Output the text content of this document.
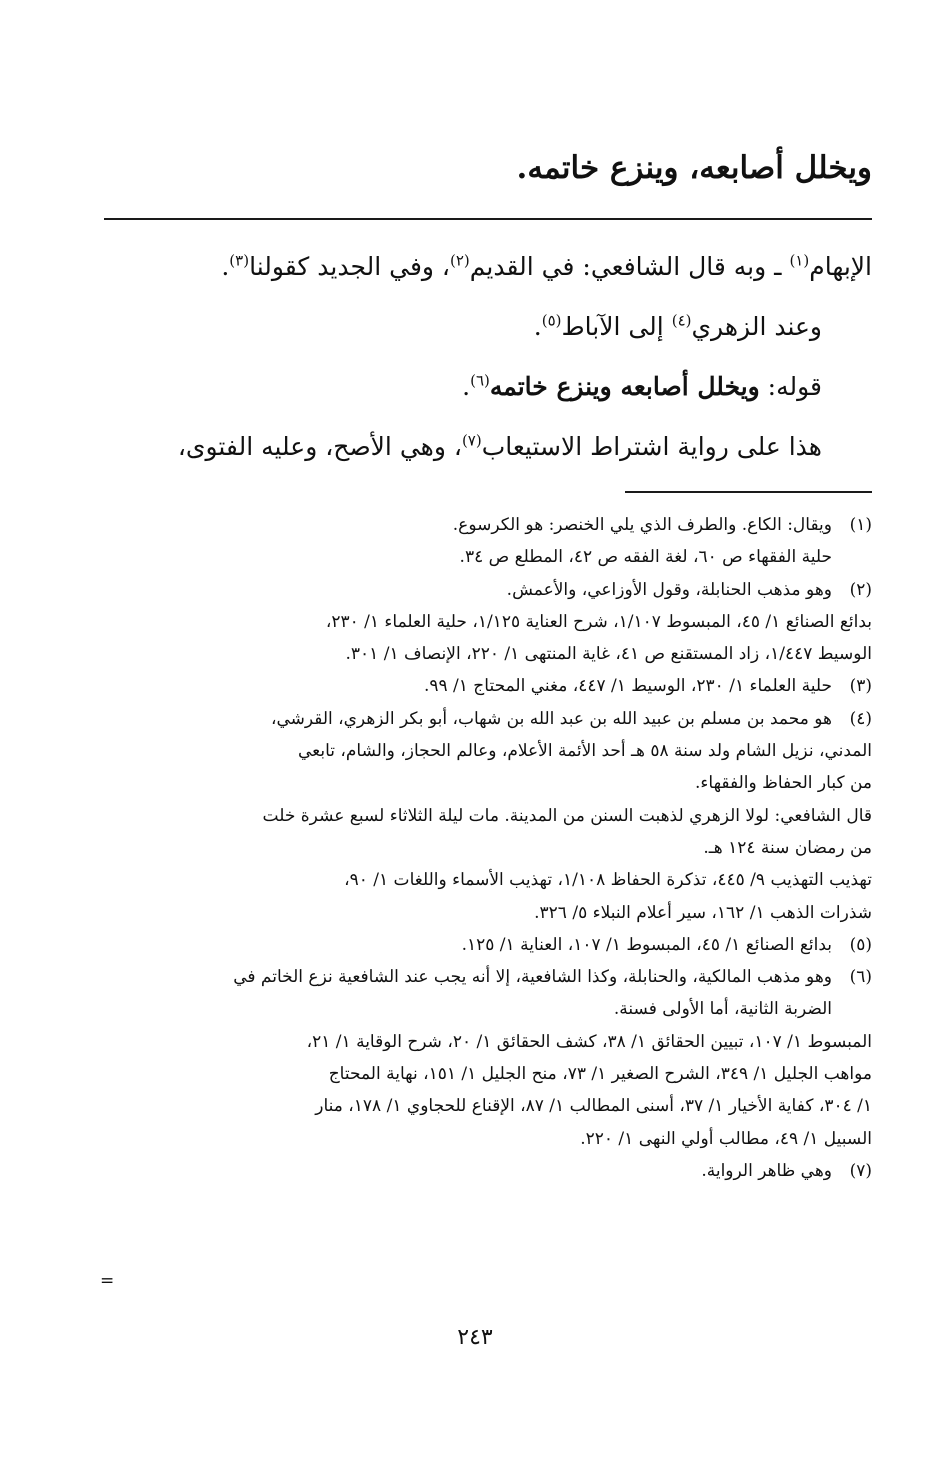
ويخلل أصابعه، وينزع خاتمه.
الإبهام$^{(١)}$ ـ وبه قال الشافعي: في القديم$^{(٢)}$، وفي الجديد كقولنا$^{(٣)}$.
وعند الزهري$^{(٤)}$ إلى الآباط$^{(٥)}$.
قوله: ويخلل أصابعه وينزع خاتمه$^{(٦)}$.
هذا على رواية اشتراط الاستيعاب$^{(٧)}$، وهي الأصح، وعليه الفتوى،
(١)ويقال: الكاع. والطرف الذي يلي الخنصر: هو الكرسوع.
حلية الفقهاء ص ٦٠، لغة الفقه ص ٤٢، المطلع ص ٣٤.
(٢)وهو مذهب الحنابلة، وقول الأوزاعي، والأعمش.
بدائع الصنائع ١/ ٤٥، المبسوط ١/١٠٧، شرح العناية ١/١٢٥، حلية العلماء ١/ ٢٣٠،
الوسيط ١/٤٤٧، زاد المستقنع ص ٤١، غاية المنتهى ١/ ٢٢٠، الإنصاف ١/ ٣٠١.
(٣)حلية العلماء ١/ ٢٣٠، الوسيط ١/ ٤٤٧، مغني المحتاج ١/ ٩٩.
(٤)هو محمد بن مسلم بن عبيد الله بن عبد الله بن شهاب، أبو بكر الزهري، القرشي،
المدني، نزيل الشام ولد سنة ٥٨ هـ أحد الأئمة الأعلام، وعالم الحجاز، والشام، تابعي
من كبار الحفاظ والفقهاء.
قال الشافعي: لولا الزهري لذهبت السنن من المدينة. مات ليلة الثلاثاء لسبع عشرة خلت
من رمضان سنة ١٢٤ هـ.
تهذيب التهذيب ٩/ ٤٤٥، تذكرة الحفاظ ١/١٠٨، تهذيب الأسماء واللغات ١/ ٩٠،
شذرات الذهب ١/ ١٦٢، سير أعلام النبلاء ٥/ ٣٢٦.
(٥)بدائع الصنائع ١/ ٤٥، المبسوط ١/ ١٠٧، العناية ١/ ١٢٥.
(٦)وهو مذهب المالكية، والحنابلة، وكذا الشافعية، إلا أنه يجب عند الشافعية نزع الخاتم في
الضربة الثانية، أما الأولى فسنة.
المبسوط ١/ ١٠٧، تبيين الحقائق ١/ ٣٨، كشف الحقائق ١/ ٢٠، شرح الوقاية ١/ ٢١،
مواهب الجليل ١/ ٣٤٩، الشرح الصغير ١/ ٧٣، منح الجليل ١/ ١٥١، نهاية المحتاج
١/ ٣٠٤، كفاية الأخيار ١/ ٣٧، أسنى المطالب ١/ ٨٧، الإقناع للحجاوي ١/ ١٧٨، منار
السبيل ١/ ٤٩، مطالب أولي النهى ١/ ٢٢٠.
(٧)وهي ظاهر الرواية.
=
٢٤٣
